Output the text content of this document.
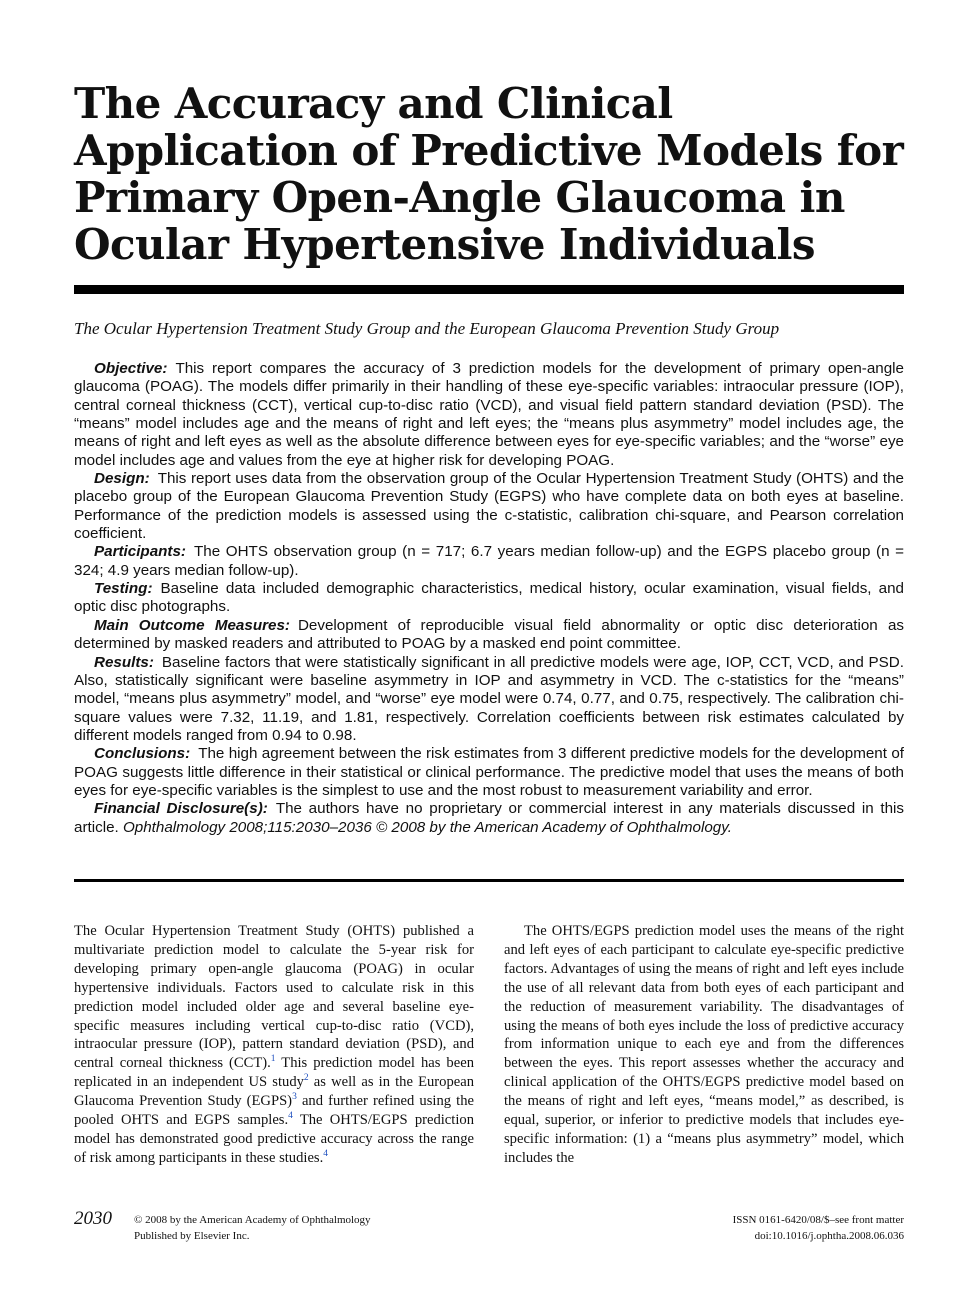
The Accuracy and Clinical Application of Predictive Models for Primary Open-Angle Glaucoma in Ocular Hypertensive Individuals

The Ocular Hypertension Treatment Study Group and the European Glaucoma Prevention Study Group

Objective: This report compares the accuracy of 3 prediction models for the development of primary open-angle glaucoma (POAG). The models differ primarily in their handling of these eye-specific variables: intraocular pressure (IOP), central corneal thickness (CCT), vertical cup-to-disc ratio (VCD), and visual field pattern standard deviation (PSD). The “means” model includes age and the means of right and left eyes; the “means plus asymmetry” model includes age, the means of right and left eyes as well as the absolute difference between eyes for eye-specific variables; and the “worse” eye model includes age and values from the eye at higher risk for developing POAG.

Design: This report uses data from the observation group of the Ocular Hypertension Treatment Study (OHTS) and the placebo group of the European Glaucoma Prevention Study (EGPS) who have complete data on both eyes at baseline. Performance of the prediction models is assessed using the c-statistic, calibration chi-square, and Pearson correlation coefficient.

Participants: The OHTS observation group (n = 717; 6.7 years median follow-up) and the EGPS placebo group (n = 324; 4.9 years median follow-up).

Testing: Baseline data included demographic characteristics, medical history, ocular examination, visual fields, and optic disc photographs.

Main Outcome Measures: Development of reproducible visual field abnormality or optic disc deterioration as determined by masked readers and attributed to POAG by a masked end point committee.

Results: Baseline factors that were statistically significant in all predictive models were age, IOP, CCT, VCD, and PSD. Also, statistically significant were baseline asymmetry in IOP and asymmetry in VCD. The c-statistics for the “means” model, “means plus asymmetry” model, and “worse” eye model were 0.74, 0.77, and 0.75, respectively. The calibration chi-square values were 7.32, 11.19, and 1.81, respectively. Correlation coefficients between risk estimates calculated by different models ranged from 0.94 to 0.98.

Conclusions: The high agreement between the risk estimates from 3 different predictive models for the development of POAG suggests little difference in their statistical or clinical performance. The predictive model that uses the means of both eyes for eye-specific variables is the simplest to use and the most robust to measurement variability and error.

Financial Disclosure(s): The authors have no proprietary or commercial interest in any materials discussed in this article. Ophthalmology 2008;115:2030–2036 © 2008 by the American Academy of Ophthalmology.

The Ocular Hypertension Treatment Study (OHTS) published a multivariate prediction model to calculate the 5-year risk for developing primary open-angle glaucoma (POAG) in ocular hypertensive individuals. Factors used to calculate risk in this prediction model included older age and several baseline eye-specific measures including vertical cup-to-disc ratio (VCD), intraocular pressure (IOP), pattern standard deviation (PSD), and central corneal thickness (CCT).$^1$ This prediction model has been replicated in an independent US study$^2$ as well as in the European Glaucoma Prevention Study (EGPS)$^3$ and further refined using the pooled OHTS and EGPS samples.$^4$ The OHTS/EGPS prediction model has demonstrated good predictive accuracy across the range of risk among participants in these studies.$^4$

The OHTS/EGPS prediction model uses the means of the right and left eyes of each participant to calculate eye-specific predictive factors. Advantages of using the means of right and left eyes include the use of all relevant data from both eyes of each participant and the reduction of measurement variability. The disadvantages of using the means of both eyes include the loss of predictive accuracy from information unique to each eye and from the differences between the eyes. This report assesses whether the accuracy and clinical application of the OHTS/EGPS predictive model based on the means of right and left eyes, “means model,” as described, is equal, superior, or inferior to predictive models that includes eye-specific information: (1) a “means plus asymmetry” model, which includes the

2030 © 2008 by the American Academy of Ophthalmology
Published by Elsevier Inc.

ISSN 0161-6420/08/$–see front matter
doi:10.1016/j.ophtha.2008.06.036
